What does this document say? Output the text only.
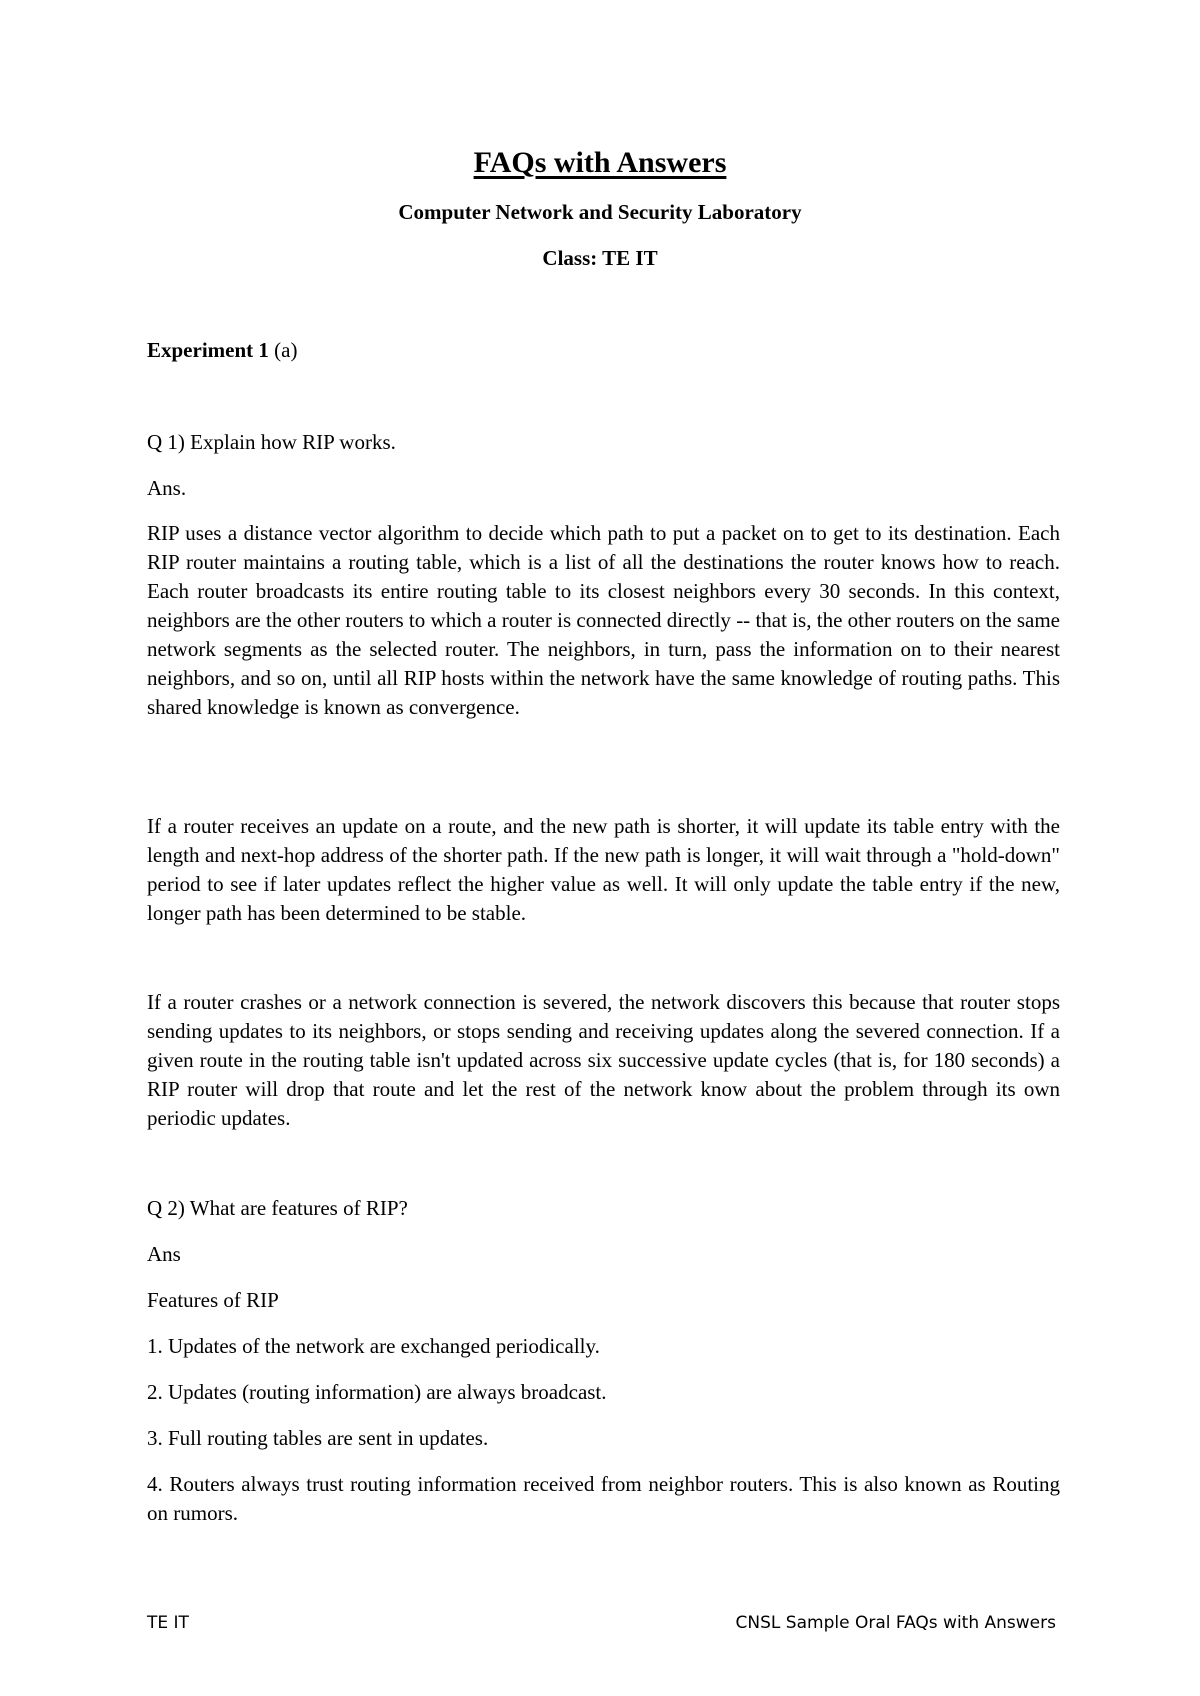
FAQs with Answers
Computer Network and Security Laboratory
Class: TE IT
Experiment 1 (a)
Q 1) Explain how RIP works.
Ans.
RIP uses a distance vector algorithm to decide which path to put a packet on to get to its destination. Each RIP router maintains a routing table, which is a list of all the destinations the router knows how to reach. Each router broadcasts its entire routing table to its closest neighbors every 30 seconds. In this context, neighbors are the other routers to which a router is connected directly -- that is, the other routers on the same network segments as the selected router. The neighbors, in turn, pass the information on to their nearest neighbors, and so on, until all RIP hosts within the network have the same knowledge of routing paths. This shared knowledge is known as convergence.
If a router receives an update on a route, and the new path is shorter, it will update its table entry with the length and next-hop address of the shorter path. If the new path is longer, it will wait through a "hold-down" period to see if later updates reflect the higher value as well. It will only update the table entry if the new, longer path has been determined to be stable.
If a router crashes or a network connection is severed, the network discovers this because that router stops sending updates to its neighbors, or stops sending and receiving updates along the severed connection. If a given route in the routing table isn't updated across six successive update cycles (that is, for 180 seconds) a RIP router will drop that route and let the rest of the network know about the problem through its own periodic updates.
Q 2) What are features of RIP?
Ans
Features of RIP
1. Updates of the network are exchanged periodically.
2. Updates (routing information) are always broadcast.
3. Full routing tables are sent in updates.
4. Routers always trust routing information received from neighbor routers. This is also known as Routing on rumors.
TE IT	CNSL Sample Oral FAQs with Answers
